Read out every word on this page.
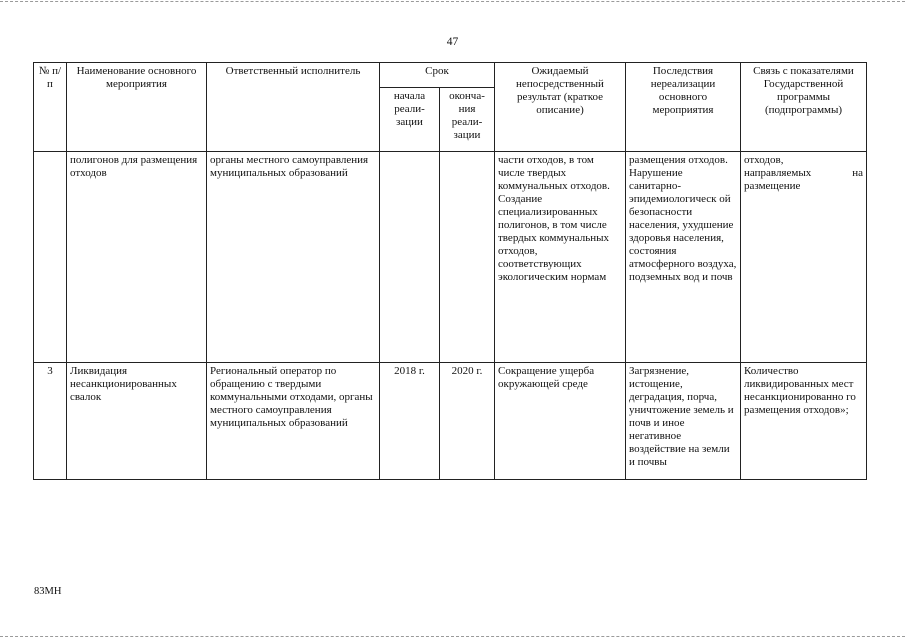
47
№ п/п	Наименование основного мероприятия	Ответственный исполнитель	Срок		Ожидаемый непосредственный результат (краткое описание)	Последствия нереализации основного мероприятия	Связь с показателями Государственной программы (подпрограммы)
			начала реали-зации	оконча-ния реали-зации			
	полигонов для размещения отходов	органы местного самоуправления муниципальных образований			части отходов, в том числе твердых коммунальных отходов. Создание специализированных полигонов, в том числе твердых коммунальных отходов, соответствующих экологическим нормам	размещения отходов. Нарушение санитарно-эпидемиологическ ой безопасности населения, ухудшение здоровья населения, состояния атмосферного воздуха, подземных вод и почв	отходов,
направляемых на
размещение

3	Ликвидация несанкционированных свалок	Региональный оператор по обращению с твердыми коммунальными отходами, органы местного самоуправления муниципальных образований	2018 г.	2020 г.	Сокращение ущерба окружающей среде	Загрязнение, истощение, деградация, порча, уничтожение земель и почв и иное негативное воздействие на земли и почвы	Количество ликвидированных мест несанкционированно го размещения отходов»;
83МН
